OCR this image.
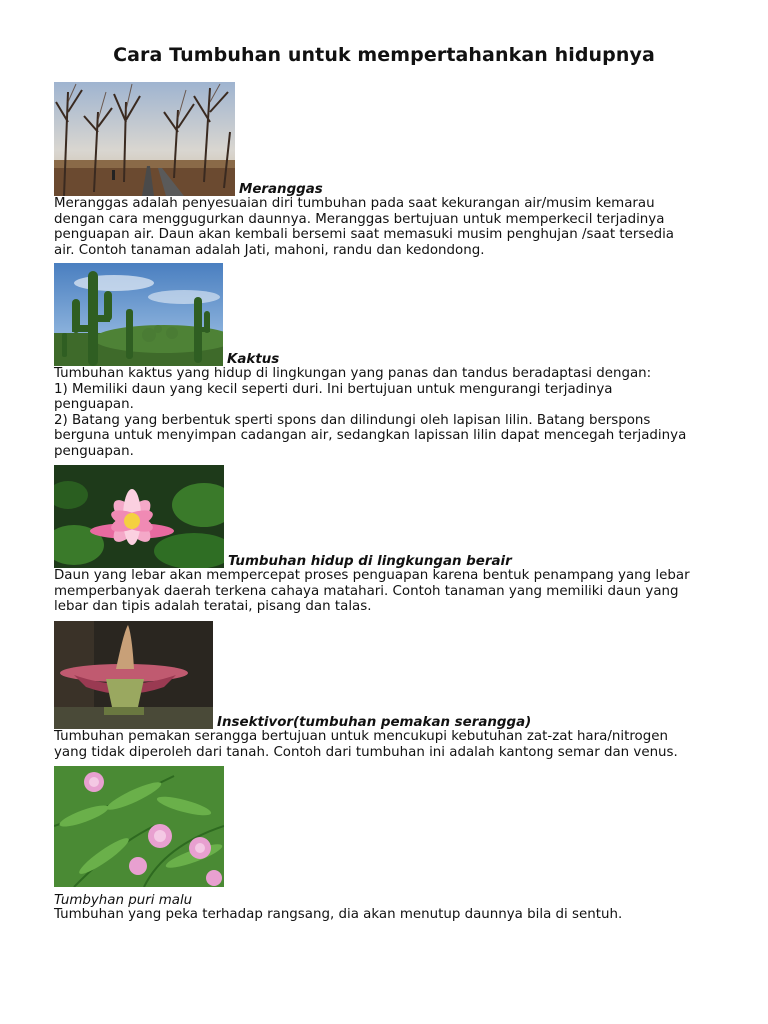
Cara Tumbuhan untuk mempertahankan hidupnya
Meranggas

Meranggas adalah penyesuaian diri tumbuhan pada saat kekurangan air/musim kemarau

dengan cara menggugurkan daunnya. Meranggas bertujuan untuk memperkecil terjadinya

penguapan air. Daun akan kembali bersemi saat memasuki musim penghujan /saat tersedia

air. Contoh tanaman adalah Jati, mahoni, randu dan kedondong.

Kaktus

Tumbuhan kaktus yang hidup di lingkungan yang panas dan tandus beradaptasi dengan:

1) Memiliki daun yang kecil seperti duri. Ini bertujuan untuk mengurangi terjadinya

penguapan.

2) Batang yang berbentuk sperti spons dan dilindungi oleh lapisan lilin. Batang berspons

berguna untuk menyimpan cadangan air, sedangkan lapissan lilin dapat mencegah terjadinya

penguapan.

Tumbuhan hidup di lingkungan berair

Daun yang lebar akan mempercepat proses penguapan karena bentuk penampang yang lebar

memperbanyak daerah terkena cahaya matahari. Contoh tanaman yang memiliki daun yang

lebar dan tipis adalah teratai, pisang dan talas.

Insektivor(tumbuhan pemakan serangga)

Tumbuhan pemakan serangga bertujuan untuk mencukupi kebutuhan zat-zat hara/nitrogen

yang tidak diperoleh dari tanah. Contoh dari tumbuhan ini adalah kantong semar dan venus.

Tumbyhan puri malu

Tumbuhan yang peka terhadap rangsang, dia akan menutup daunnya bila di sentuh.
